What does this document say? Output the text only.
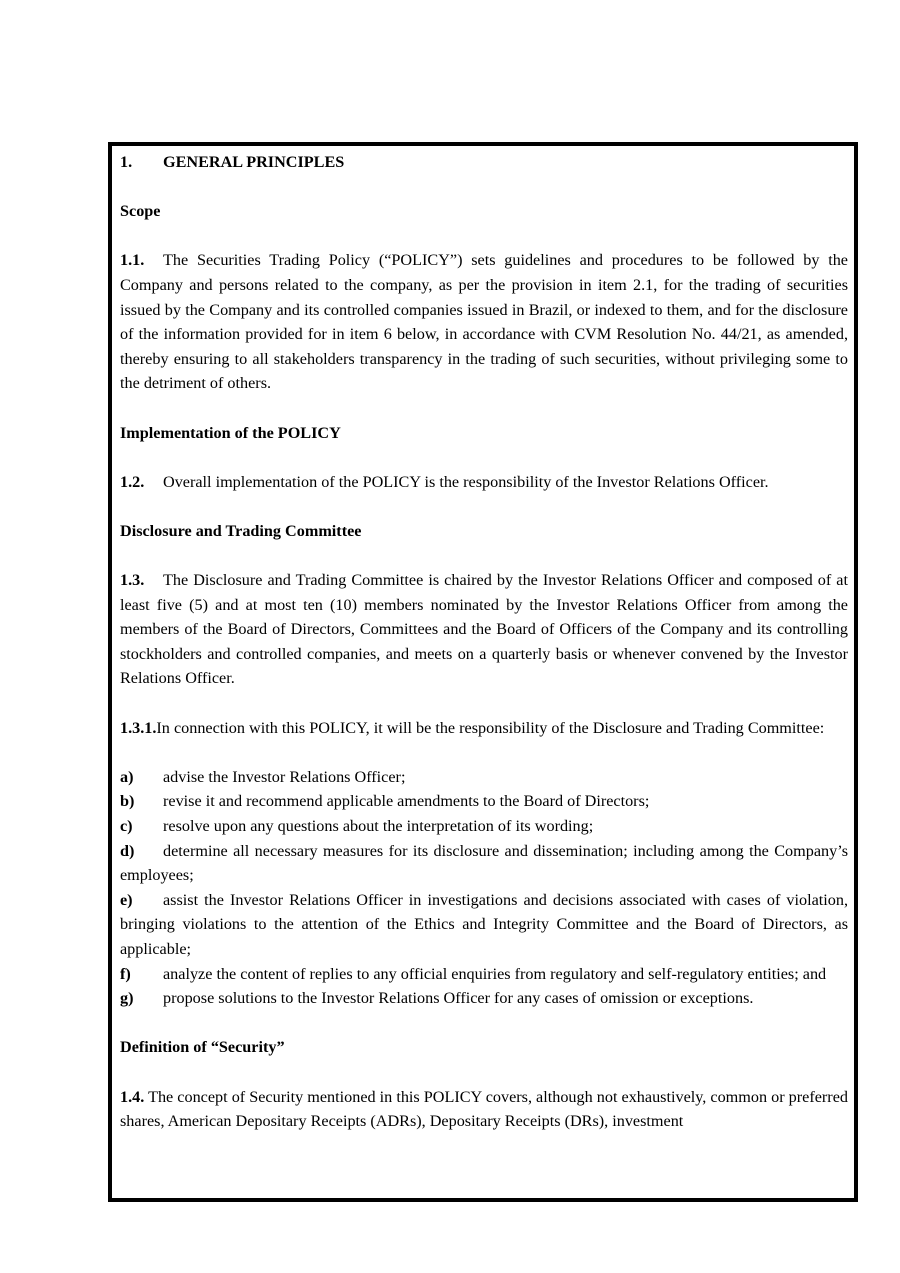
1. GENERAL PRINCIPLES

Scope

1.1. The Securities Trading Policy (“POLICY”) sets guidelines and procedures to be followed by the Company and persons related to the company, as per the provision in item 2.1, for the trading of securities issued by the Company and its controlled companies issued in Brazil, or indexed to them, and for the disclosure of the information provided for in item 6 below, in accordance with CVM Resolution No. 44/21, as amended, thereby ensuring to all stakeholders transparency in the trading of such securities, without privileging some to the detriment of others.

Implementation of the POLICY

1.2. Overall implementation of the POLICY is the responsibility of the Investor Relations Officer.

Disclosure and Trading Committee

1.3. The Disclosure and Trading Committee is chaired by the Investor Relations Officer and composed of at least five (5) and at most ten (10) members nominated by the Investor Relations Officer from among the members of the Board of Directors, Committees and the Board of Officers of the Company and its controlling stockholders and controlled companies, and meets on a quarterly basis or whenever convened by the Investor Relations Officer.

1.3.1.In connection with this POLICY, it will be the responsibility of the Disclosure and Trading Committee:

a) advise the Investor Relations Officer;

b) revise it and recommend applicable amendments to the Board of Directors;

c) resolve upon any questions about the interpretation of its wording;

d) determine all necessary measures for its disclosure and dissemination; including among the Company’s employees;

e) assist the Investor Relations Officer in investigations and decisions associated with cases of violation, bringing violations to the attention of the Ethics and Integrity Committee and the Board of Directors, as applicable;

f) analyze the content of replies to any official enquiries from regulatory and self-regulatory entities; and

g) propose solutions to the Investor Relations Officer for any cases of omission or exceptions.

Definition of “Security”

1.4. The concept of Security mentioned in this POLICY covers, although not exhaustively, common or preferred shares, American Depositary Receipts (ADRs), Depositary Receipts (DRs), investment
